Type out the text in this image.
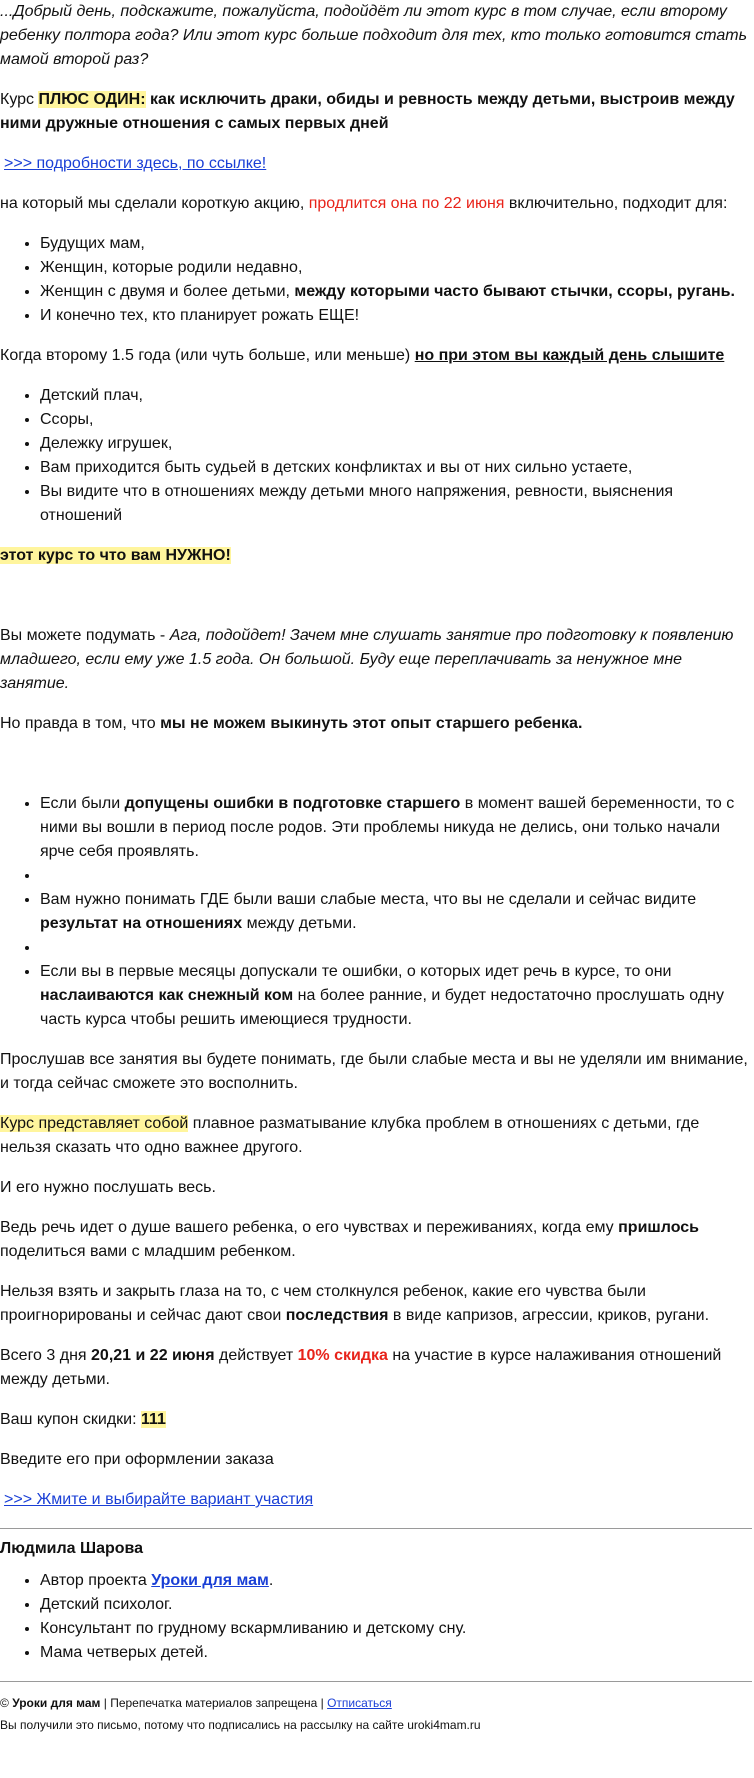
...Добрый день, подскажите, пожалуйста, подойдёт ли этот курс в том случае, если второму ребенку полтора года? Или этот курс больше подходит для тех, кто только готовится стать мамой второй раз?

Курс ПЛЮС ОДИН: как исключить драки, обиды и ревность между детьми, выстроив между ними дружные отношения с самых первых дней

>>> подробности здесь, по ссылке!

на который мы сделали короткую акцию, продлится она по 22 июня включительно, подходит для:

• Будущих мам,
• Женщин, которые родили недавно,
• Женщин с двумя и более детьми, между которыми часто бывают стычки, ссоры, ругань.
• И конечно тех, кто планирует рожать ЕЩЕ!

Когда второму 1.5 года (или чуть больше, или меньше) но при этом вы каждый день слышите

• Детский плач,
• Ссоры,
• Дележку игрушек,
• Вам приходится быть судьей в детских конфликтах и вы от них сильно устаете,
• Вы видите что в отношениях между детьми много напряжения, ревности, выяснения отношений

этот курс то что вам НУЖНО!

Вы можете подумать - Ага, подойдет! Зачем мне слушать занятие про подготовку к появлению младшего, если ему уже 1.5 года. Он большой. Буду еще переплачивать за ненужное мне занятие.

Но правда в том, что мы не можем выкинуть этот опыт старшего ребенка.

• Если были допущены ошибки в подготовке старшего в момент вашей беременности, то с ними вы вошли в период после родов. Эти проблемы никуда не делись, они только начали ярче себя проявлять.
•
• Вам нужно понимать ГДЕ были ваши слабые места, что вы не сделали и сейчас видите результат на отношениях между детьми.
•
• Если вы в первые месяцы допускали те ошибки, о которых идет речь в курсе, то они наслаиваются как снежный ком на более ранние, и будет недостаточно прослушать одну часть курса чтобы решить имеющиеся трудности.

Прослушав все занятия вы будете понимать, где были слабые места и вы не уделяли им внимание, и тогда сейчас сможете это восполнить.

Курс представляет собой плавное разматывание клубка проблем в отношениях с детьми, где нельзя сказать что одно важнее другого.

И его нужно послушать весь.

Ведь речь идет о душе вашего ребенка, о его чувствах и переживаниях, когда ему пришлось поделиться вами с младшим ребенком.

Нельзя взять и закрыть глаза на то, с чем столкнулся ребенок, какие его чувства были проигнорированы и сейчас дают свои последствия в виде капризов, агрессии, криков, ругани.

Всего 3 дня 20,21 и 22 июня действует 10% скидка на участие в курсе налаживания отношений между детьми.

Ваш купон скидки: 111

Введите его при оформлении заказа

>>> Жмите и выбирайте вариант участия

Людмила Шарова

• Автор проекта Уроки для мам.
• Детский психолог.
• Консультант по грудному вскармливанию и детскому сну.
• Мама четверых детей.

© Уроки для мам | Перепечатка материалов запрещена | Отписаться

Вы получили это письмо, потому что подписались на рассылку на сайте uroki4mam.ru
